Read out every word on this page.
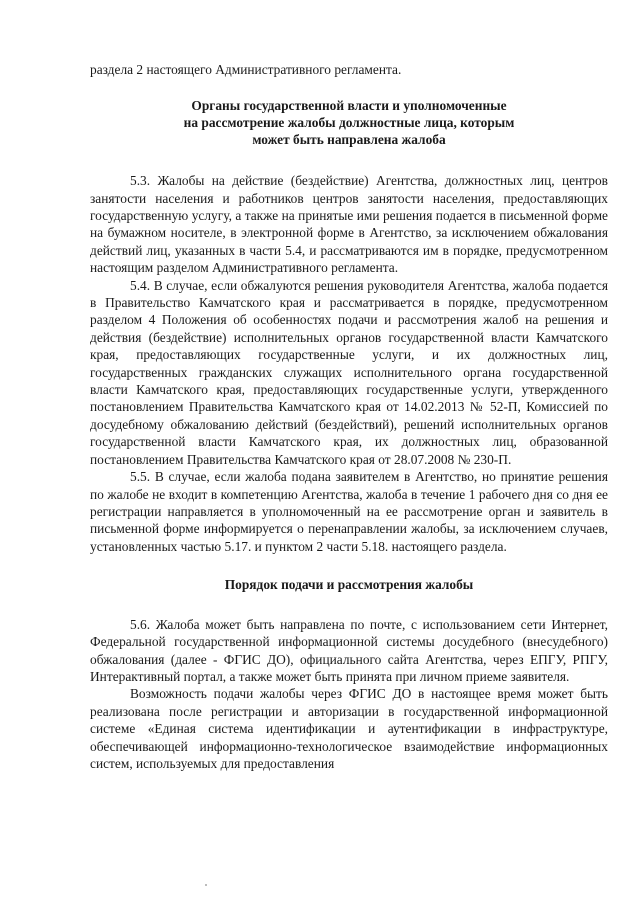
раздела 2 настоящего Административного регламента.

Органы государственной власти и уполномоченные
на рассмотрение жалобы должностные лица, которым
может быть направлена жалоба

5.3. Жалобы на действие (бездействие) Агентства, должностных лиц, центров занятости населения и работников центров занятости населения, предоставляющих государственную услугу, а также на принятые ими решения подается в письменной форме на бумажном носителе, в электронной форме в Агентство, за исключением обжалования действий лиц, указанных в части 5.4, и рассматриваются им в порядке, предусмотренном настоящим разделом Административного регламента.

5.4. В случае, если обжалуются решения руководителя Агентства, жалоба подается в Правительство Камчатского края и рассматривается в порядке, предусмотренном разделом 4 Положения об особенностях подачи и рассмотрения жалоб на решения и действия (бездействие) исполнительных органов государственной власти Камчатского края, предоставляющих государственные услуги, и их должностных лиц, государственных гражданских служащих исполнительного органа государственной власти Камчатского края, предоставляющих государственные услуги, утвержденного постановлением Правительства Камчатского края от 14.02.2013 № 52-П, Комиссией по досудебному обжалованию действий (бездействий), решений исполнительных органов государственной власти Камчатского края, их должностных лиц, образованной постановлением Правительства Камчатского края от 28.07.2008 № 230-П.

5.5. В случае, если жалоба подана заявителем в Агентство, но принятие решения по жалобе не входит в компетенцию Агентства, жалоба в течение 1 рабочего дня со дня ее регистрации направляется в уполномоченный на ее рассмотрение орган и заявитель в письменной форме информируется о перенаправлении жалобы, за исключением случаев, установленных частью 5.17. и пунктом 2 части 5.18. настоящего раздела.

Порядок подачи и рассмотрения жалобы

5.6. Жалоба может быть направлена по почте, с использованием сети Интернет, Федеральной государственной информационной системы досудебного (внесудебного) обжалования (далее - ФГИС ДО), официального сайта Агентства, через ЕПГУ, РПГУ, Интерактивный портал, а также может быть принята при личном приеме заявителя.

Возможность подачи жалобы через ФГИС ДО в настоящее время может быть реализована после регистрации и авторизации в государственной информационной системе «Единая система идентификации и аутентификации в инфраструктуре, обеспечивающей информационно-технологическое взаимодействие информационных систем, используемых для предоставления
